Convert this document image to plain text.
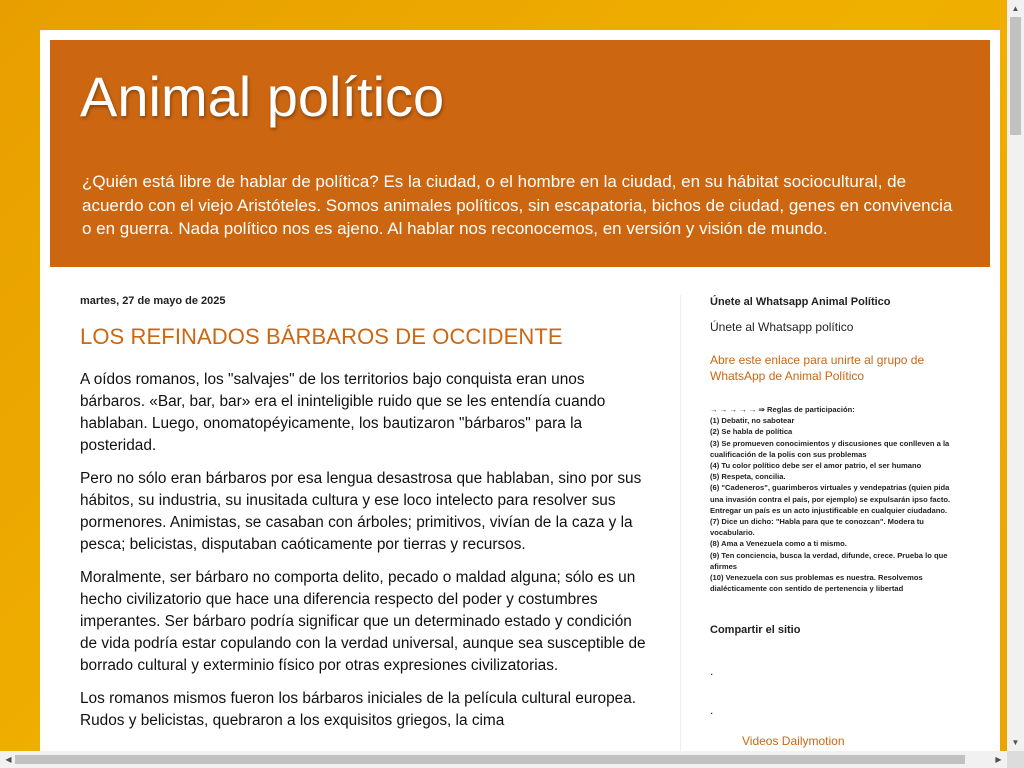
Animal político

¿Quién está libre de hablar de política? Es la ciudad, o el hombre en la ciudad, en su hábitat sociocultural, de acuerdo con el viejo Aristóteles. Somos animales políticos, sin escapatoria, bichos de ciudad, genes en convivencia o en guerra. Nada político nos es ajeno. Al hablar nos reconocemos, en versión y visión de mundo.

martes, 27 de mayo de 2025

LOS REFINADOS BÁRBAROS DE OCCIDENTE

A oídos romanos, los "salvajes" de los territorios bajo conquista eran unos bárbaros. «Bar, bar, bar» era el ininteligible ruido que se les entendía cuando hablaban. Luego, onomatopéyicamente, los bautizaron "bárbaros" para la posteridad.

Pero no sólo eran bárbaros por esa lengua desastrosa que hablaban, sino por sus hábitos, su industria, su inusitada cultura y ese loco intelecto para resolver sus pormenores. Animistas, se casaban con árboles; primitivos, vivían de la caza y la pesca; belicistas, disputaban caóticamente por tierras y recursos.

Moralmente, ser bárbaro no comporta delito, pecado o maldad alguna; sólo es un hecho civilizatorio que hace una diferencia respecto del poder y costumbres imperantes. Ser bárbaro podría significar que un determinado estado y condición de vida podría estar copulando con la verdad universal, aunque sea susceptible de borrado cultural y exterminio físico por otras expresiones civilizatorias.

Los romanos mismos fueron los bárbaros iniciales de la película cultural europea. Rudos y belicistas, quebraron a los exquisitos griegos, la cima

Únete al Whatsapp Animal Político

Únete al Whatsapp político

Abre este enlace para unirte al grupo de WhatsApp de Animal Político

→ → → → → ⇒ Reglas de participación:
(1) Debatir, no sabotear
(2) Se habla de política
(3) Se promueven conocimientos y discusiones que conlleven a la cualificación de la polis con sus problemas
(4) Tu color político debe ser el amor patrio, el ser humano
(5) Respeta, concilia.
(6) "Cadeneros", guarimberos virtuales y vendepatrias (quien pida una invasión contra el país, por ejemplo) se expulsarán ipso facto. Entregar un país es un acto injustificable en cualquier ciudadano.
(7) Dice un dicho: "Habla para que te conozcan". Modera tu vocabulario.
(8) Ama a Venezuela como a ti mismo.
(9) Ten conciencia, busca la verdad, difunde, crece. Prueba lo que afirmes
(10) Venezuela con sus problemas es nuestra. Resolvemos dialécticamente con sentido de pertenencia y libertad

Compartir el sitio

.
.
Videos Dailymotion
▲
▼
◀	▶
